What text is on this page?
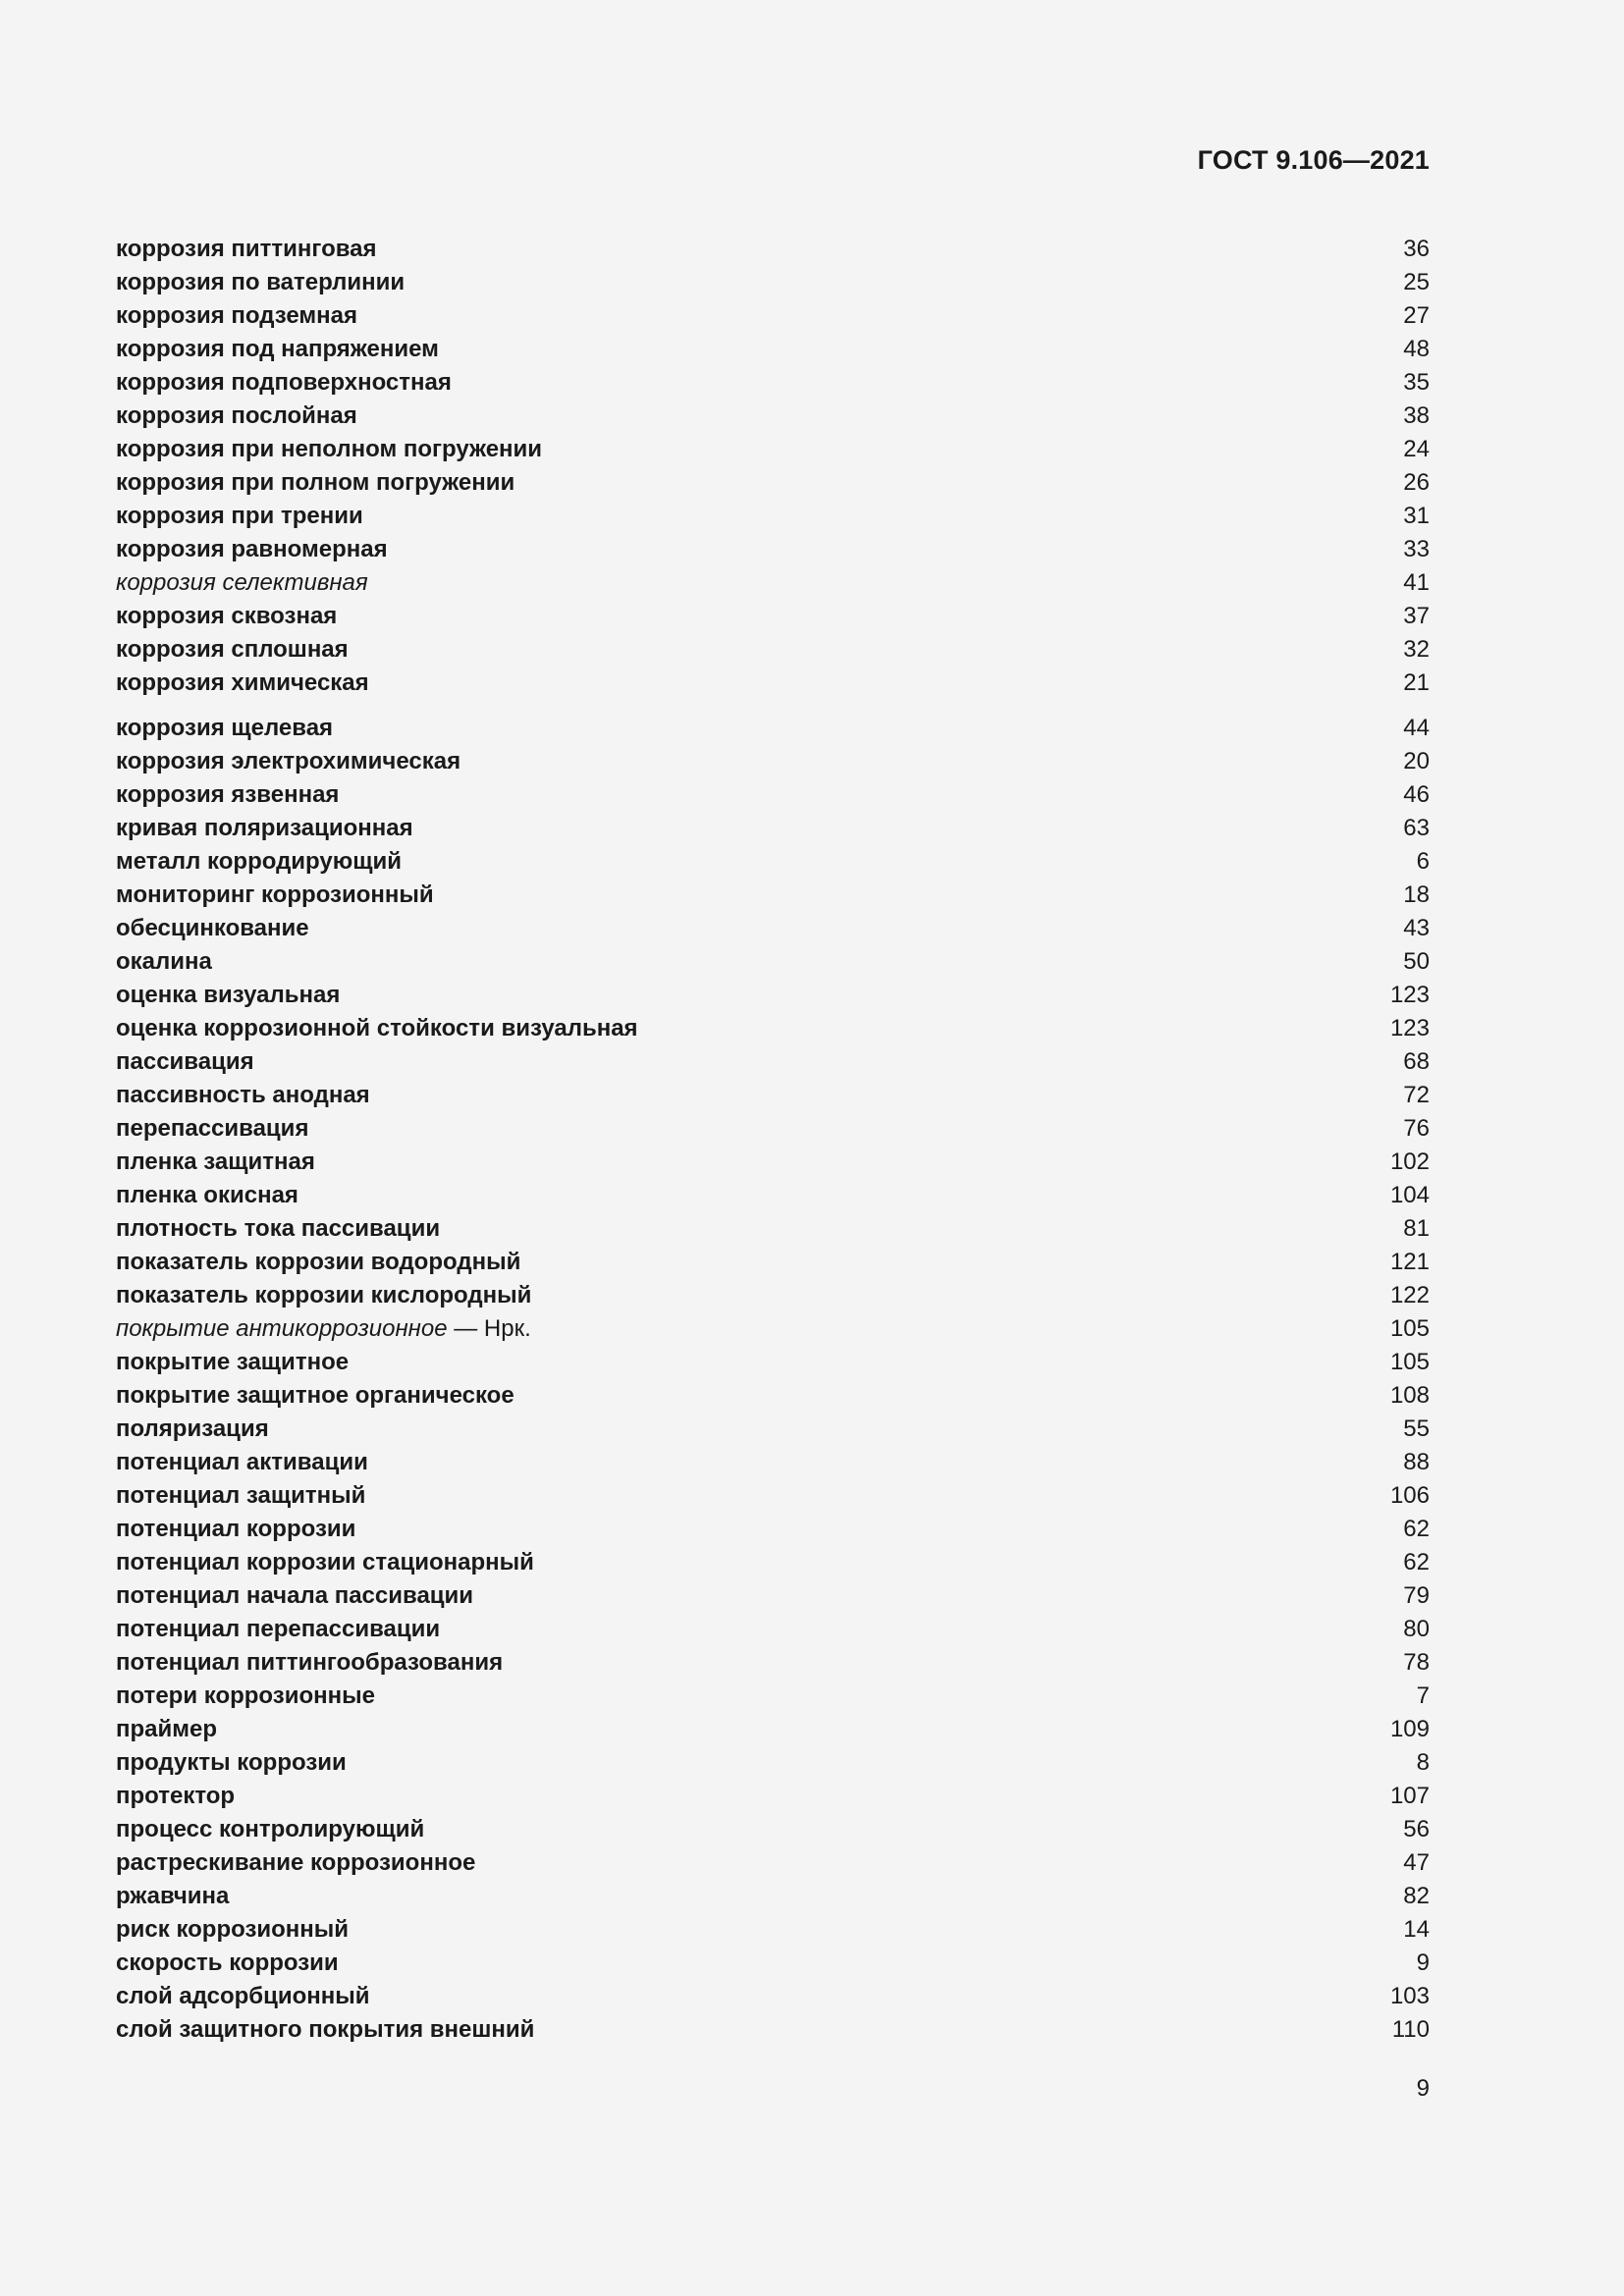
ГОСТ 9.106—2021
коррозия питтинговая	36
коррозия по ватерлинии	25
коррозия подземная	27
коррозия под напряжением	48
коррозия подповерхностная	35
коррозия послойная	38
коррозия при неполном погружении	24
коррозия при полном погружении	26
коррозия при трении	31
коррозия равномерная	33
коррозия селективная	41
коррозия сквозная	37
коррозия сплошная	32
коррозия химическая	21
коррозия щелевая	44
коррозия электрохимическая	20
коррозия язвенная	46
кривая поляризационная	63
металл корродирующий	6
мониторинг коррозионный	18
обесцинкование	43
окалина	50
оценка визуальная	123
оценка коррозионной стойкости визуальная	123
пассивация	68
пассивность анодная	72
перепассивация	76
пленка защитная	102
пленка окисная	104
плотность тока пассивации	81
показатель коррозии водородный	121
показатель коррозии кислородный	122
покрытие антикоррозионное — Нрк.	105
покрытие защитное	105
покрытие защитное органическое	108
поляризация	55
потенциал активации	88
потенциал защитный	106
потенциал коррозии	62
потенциал коррозии стационарный	62
потенциал начала пассивации	79
потенциал перепассивации	80
потенциал питтингообразования	78
потери коррозионные	7
праймер	109
продукты коррозии	8
протектор	107
процесс контролирующий	56
растрескивание коррозионное	47
ржавчина	82
риск коррозионный	14
скорость коррозии	9
слой адсорбционный	103
слой защитного покрытия внешний	110
9
